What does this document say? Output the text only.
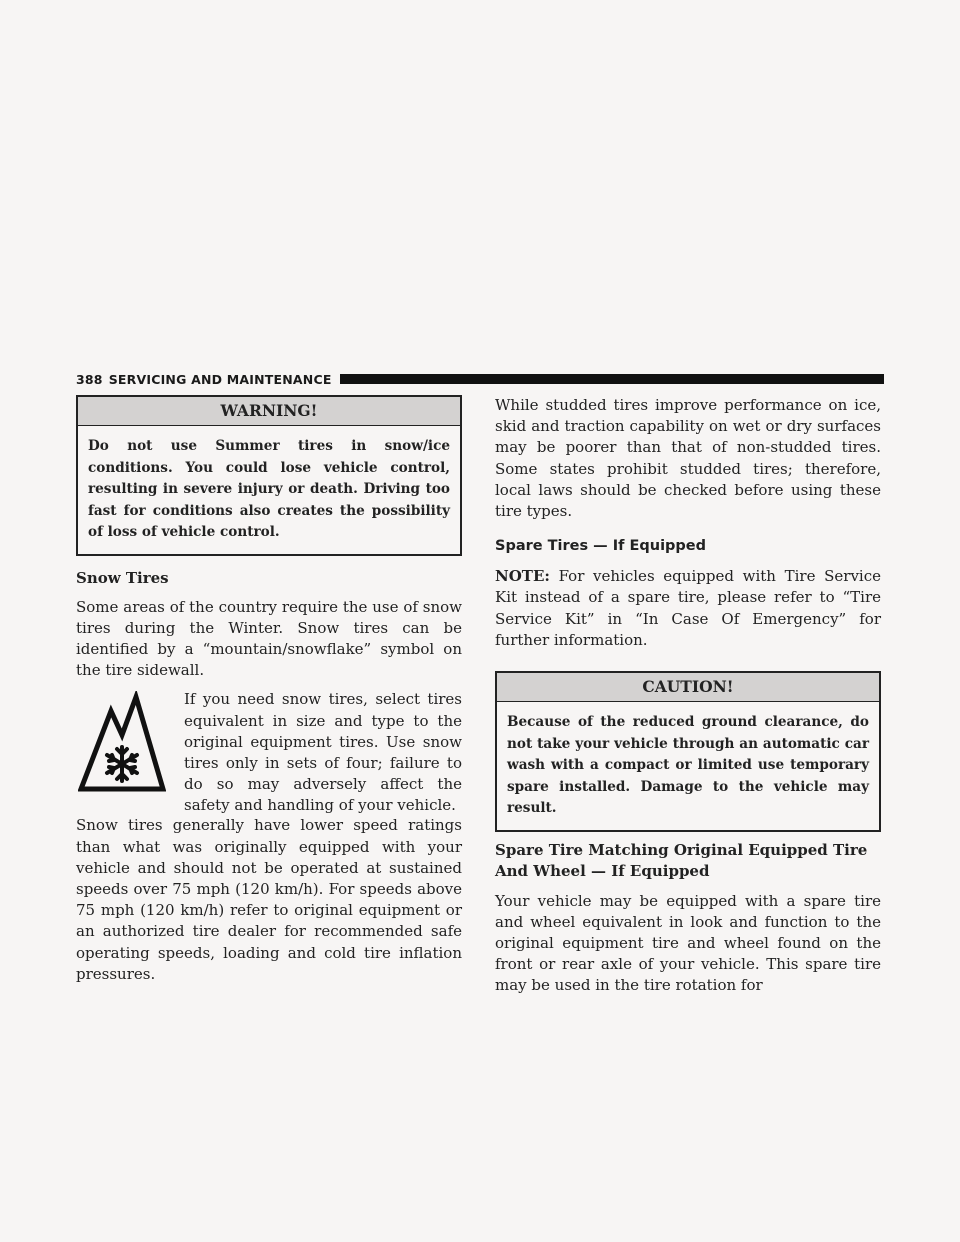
388 SERVICING AND MAINTENANCE
WARNING!
Do not use Summer tires in snow/ice conditions. You could lose vehicle control, resulting in severe injury or death. Driving too fast for conditions also creates the possibility of loss of vehicle control.
Snow Tires

Some areas of the country require the use of snow tires during the Winter. Snow tires can be identified by a “mountain/snowflake” symbol on the tire sidewall.

If you need snow tires, select tires equivalent in size and type to the original equipment tires. Use snow tires only in sets of four; failure to do so may adversely affect the safety and handling of your vehicle.

Snow tires generally have lower speed ratings than what was originally equipped with your vehicle and should not be operated at sustained speeds over 75 mph (120 km/h). For speeds above 75 mph (120 km/h) refer to original equipment or an authorized tire dealer for recommended safe operating speeds, loading and cold tire inflation pressures.

While studded tires improve performance on ice, skid and traction capability on wet or dry surfaces may be poorer than that of non-studded tires. Some states prohibit studded tires; therefore, local laws should be checked before using these tire types.

Spare Tires — If Equipped

NOTE: For vehicles equipped with Tire Service Kit instead of a spare tire, please refer to “Tire Service Kit” in “In Case Of Emergency” for further information.

CAUTION!
Because of the reduced ground clearance, do not take your vehicle through an automatic car wash with a compact or limited use temporary spare installed. Damage to the vehicle may result.
Spare Tire Matching Original Equipped Tire And Wheel — If Equipped

Your vehicle may be equipped with a spare tire and wheel equivalent in look and function to the original equipment tire and wheel found on the front or rear axle of your vehicle. This spare tire may be used in the tire rotation for
